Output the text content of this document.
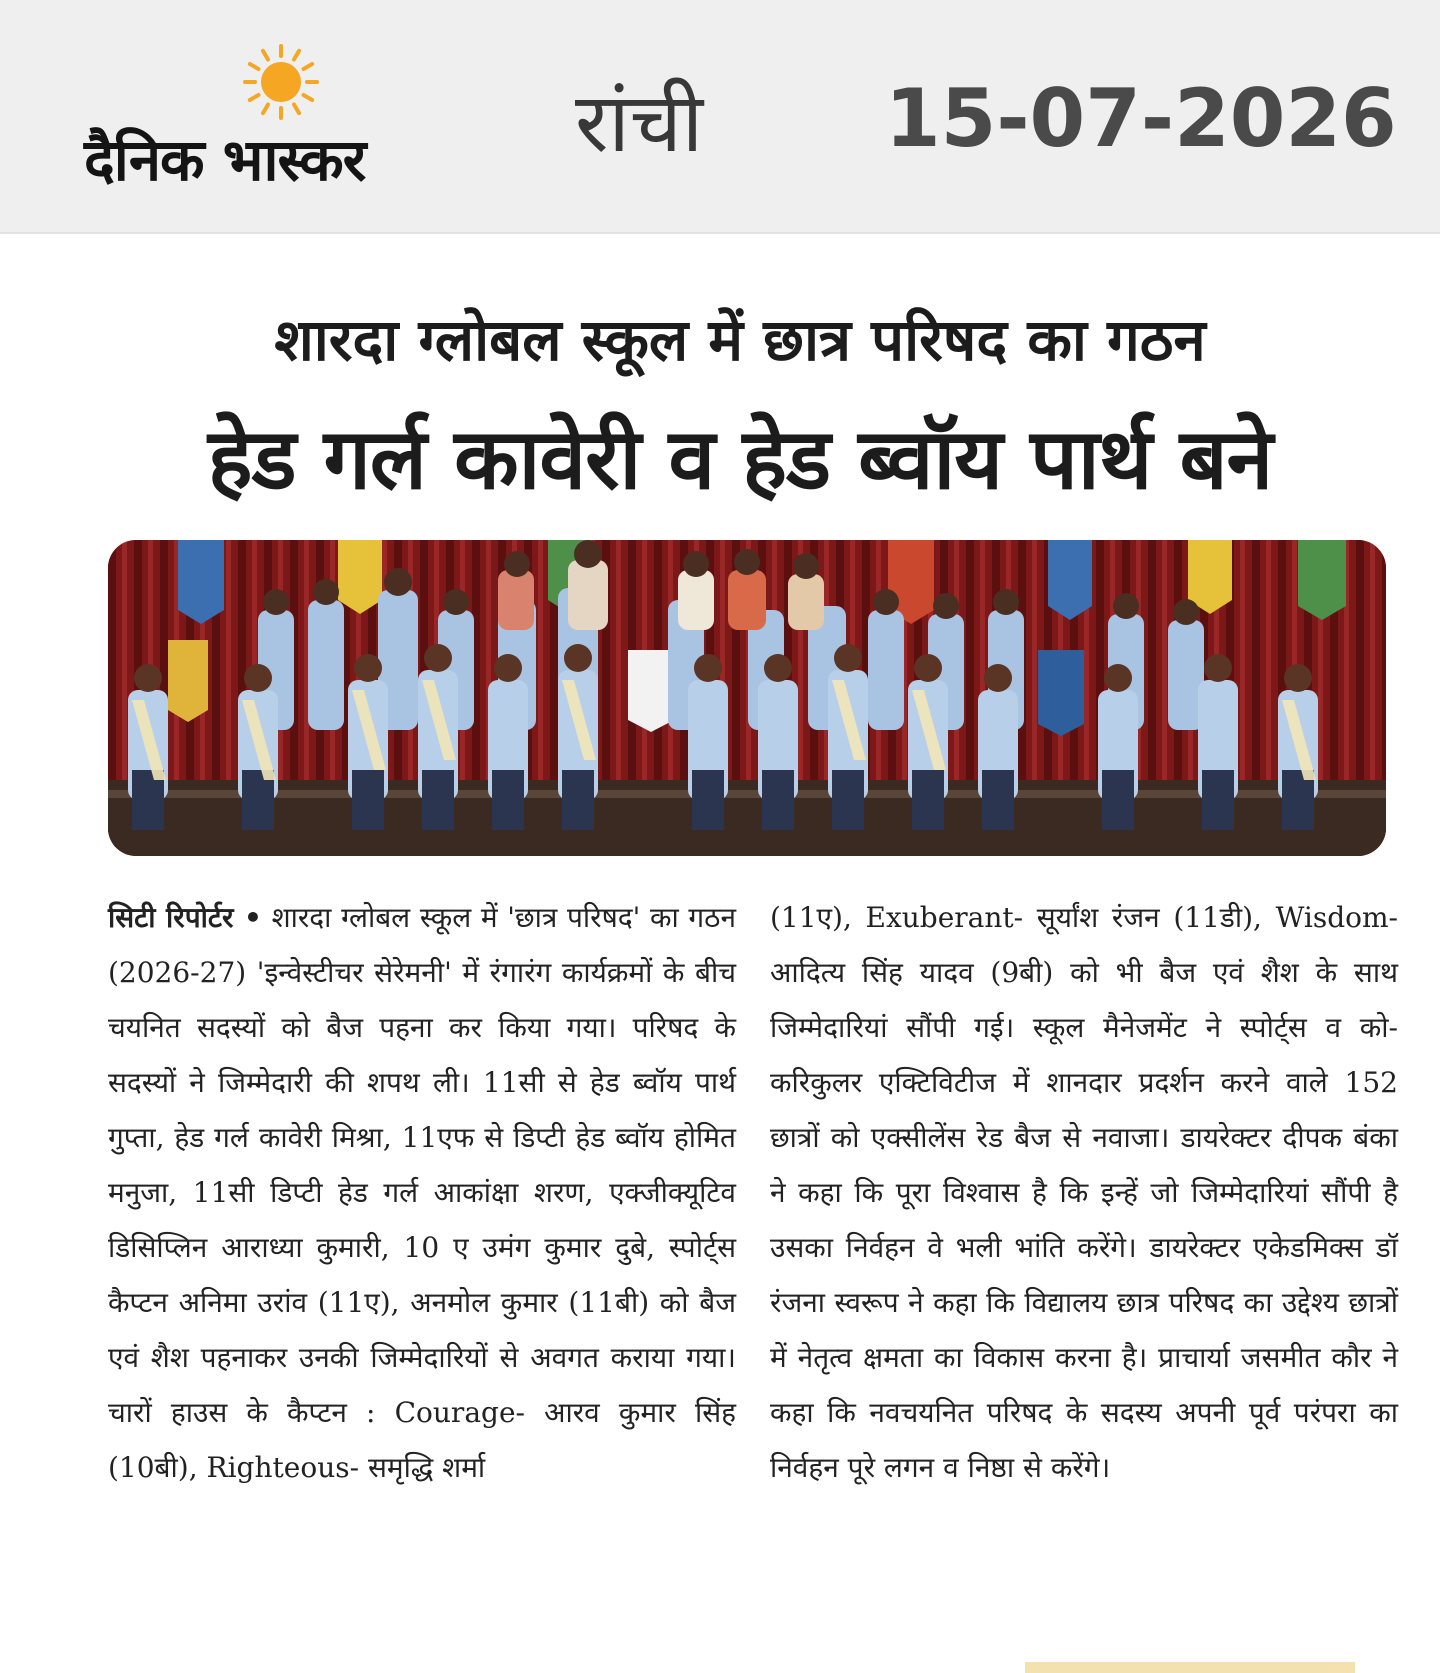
दैनिक भास्कर	रांची 15-07-2026
शारदा ग्लोबल स्कूल में छात्र परिषद का गठन
हेड गर्ल कावेरी व हेड ब्वॉय पार्थ बने
सिटी रिपोर्टर • शारदा ग्लोबल स्कूल में 'छात्र परिषद' का गठन (2026-27) 'इन्वेस्टीचर सेरेमनी' में रंगारंग कार्यक्रमों के बीच चयनित सदस्यों को बैज पहना कर किया गया। परिषद के सदस्यों ने जिम्मेदारी की शपथ ली। 11सी से हेड ब्वॉय पार्थ गुप्ता, हेड गर्ल कावेरी मिश्रा, 11एफ से डिप्टी हेड ब्वॉय होमित मनुजा, 11सी डिप्टी हेड गर्ल आकांक्षा शरण, एक्जीक्यूटिव डिसिप्लिन आराध्या कुमारी, 10 ए उमंग कुमार दुबे, स्पोर्ट्स कैप्टन अनिमा उरांव (11ए), अनमोल कुमार (11बी) को बैज एवं शैश पहनाकर उनकी जिम्मेदारियों से अवगत कराया गया। चारों हाउस के कैप्टन : Courage- आरव कुमार सिंह (10बी), Righteous- समृद्धि शर्मा
(11ए), Exuberant- सूर्यांश रंजन (11डी), Wisdom- आदित्य सिंह यादव (9बी) को भी बैज एवं शैश के साथ जिम्मेदारियां सौंपी गई। स्कूल मैनेजमेंट ने स्पोर्ट्स व को-करिकुलर एक्टिविटीज में शानदार प्रदर्शन करने वाले 152 छात्रों को एक्सीलेंस रेड बैज से नवाजा। डायरेक्टर दीपक बंका ने कहा कि पूरा विश्वास है कि इन्हें जो जिम्मेदारियां सौंपी है उसका निर्वहन वे भली भांति करेंगे। डायरेक्टर एकेडमिक्स डॉ रंजना स्वरूप ने कहा कि विद्यालय छात्र परिषद का उद्देश्य छात्रों में नेतृत्व क्षमता का विकास करना है। प्राचार्या जसमीत कौर ने कहा कि नवचयनित परिषद के सदस्य अपनी पूर्व परंपरा का निर्वहन पूरे लगन व निष्ठा से करेंगे।
